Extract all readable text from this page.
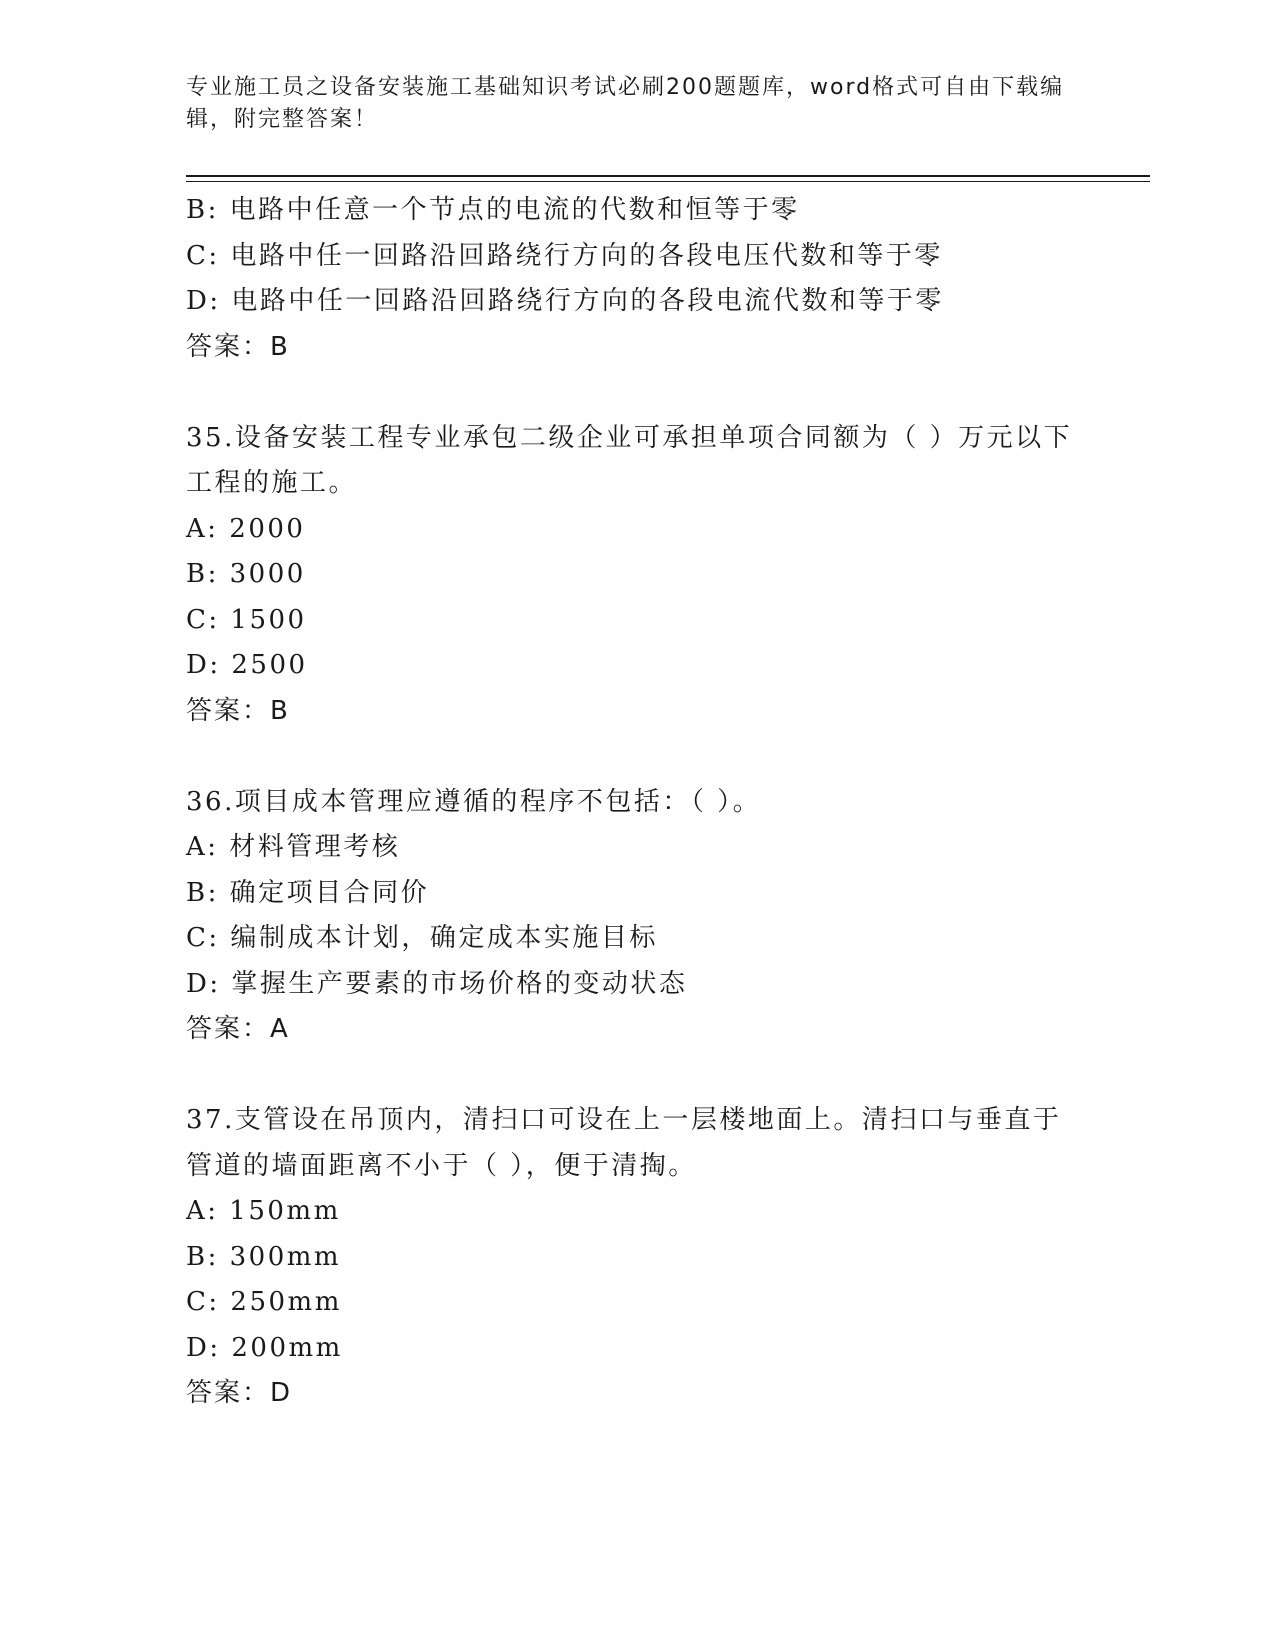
专业施工员之设备安装施工基础知识考试必刷200题题库，word格式可自由下载编辑，附完整答案！
B: 电路中任意一个节点的电流的代数和恒等于零
C: 电路中任一回路沿回路绕行方向的各段电压代数和等于零
D: 电路中任一回路沿回路绕行方向的各段电流代数和等于零
答案：B
35.设备安装工程专业承包二级企业可承担单项合同额为（ ）万元以下工程的施工。
A: 2000
B: 3000
C: 1500
D: 2500
答案：B
36.项目成本管理应遵循的程序不包括：（ ）。
A: 材料管理考核
B: 确定项目合同价
C: 编制成本计划，确定成本实施目标
D: 掌握生产要素的市场价格的变动状态
答案：A
37.支管设在吊顶内，清扫口可设在上一层楼地面上。清扫口与垂直于管道的墙面距离不小于（ ），便于清掏。
A: 150mm
B: 300mm
C: 250mm
D: 200mm
答案：D
